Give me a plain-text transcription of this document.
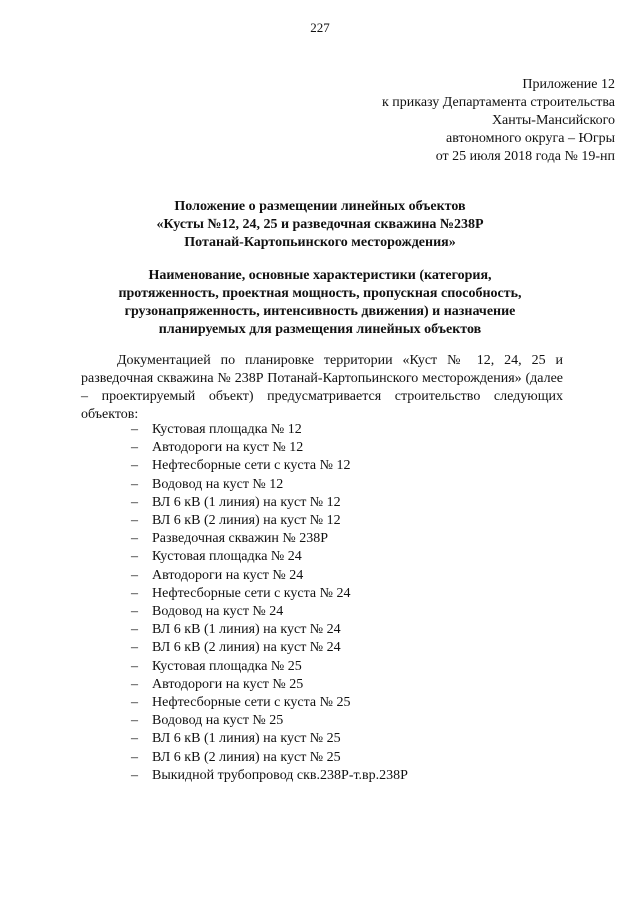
227
Приложение 12
к приказу Департамента строительства
Ханты-Мансийского
автономного округа – Югры
от 25 июля 2018 года № 19-нп
Положение о размещении линейных объектов
«Кусты №12, 24, 25 и разведочная скважина №238Р
Потанай-Картопьинского месторождения»
Наименование, основные характеристики (категория,
протяженность, проектная мощность, пропускная способность,
грузонапряженность, интенсивность движения) и назначение
планируемых для размещения линейных объектов
Документацией по планировке территории «Куст № 12, 24, 25 и разведочная скважина № 238Р Потанай-Картопьинского месторождения» (далее – проектируемый объект) предусматривается строительство следующих объектов:
–	Кустовая площадка № 12
–	Автодороги на куст № 12
–	Нефтесборные сети с куста № 12
–	Водовод на куст № 12
–	ВЛ 6 кВ (1 линия) на куст № 12
–	ВЛ 6 кВ (2 линия) на куст № 12
–	Разведочная скважин № 238Р
–	Кустовая площадка № 24
–	Автодороги на куст № 24
–	Нефтесборные сети с куста № 24
–	Водовод на куст № 24
–	ВЛ 6 кВ (1 линия) на куст № 24
–	ВЛ 6 кВ (2 линия) на куст № 24
–	Кустовая площадка № 25
–	Автодороги на куст № 25
–	Нефтесборные сети с куста № 25
–	Водовод на куст № 25
–	ВЛ 6 кВ (1 линия) на куст № 25
–	ВЛ 6 кВ (2 линия) на куст № 25
–	Выкидной трубопровод скв.238Р-т.вр.238Р
